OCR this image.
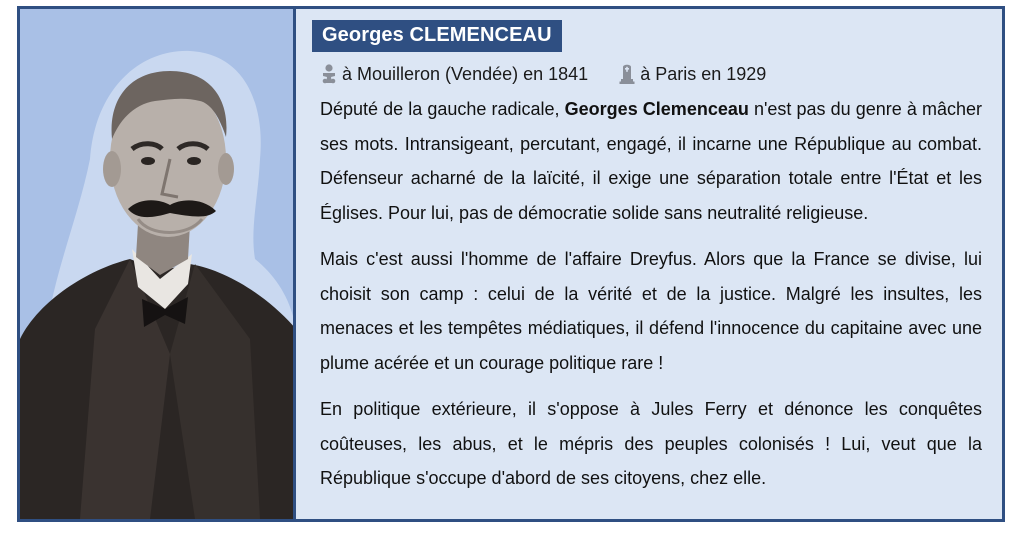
Georges CLEMENCEAU
à Mouilleron (Vendée) en 1841	à Paris en 1929

Député de la gauche radicale, Georges Clemenceau n'est pas du genre à mâcher ses mots. Intransigeant, percutant, engagé, il incarne une République au combat. Défenseur acharné de la laïcité, il exige une séparation totale entre l'État et les Églises. Pour lui, pas de démocratie solide sans neutralité religieuse.

Mais c'est aussi l'homme de l'affaire Dreyfus. Alors que la France se divise, lui choisit son camp : celui de la vérité et de la justice. Malgré les insultes, les menaces et les tempêtes médiatiques, il défend l'innocence du capitaine avec une plume acérée et un courage politique rare !

En politique extérieure, il s'oppose à Jules Ferry et dénonce les conquêtes coûteuses, les abus, et le mépris des peuples colonisés ! Lui, veut que la République s'occupe d'abord de ses citoyens, chez elle.
